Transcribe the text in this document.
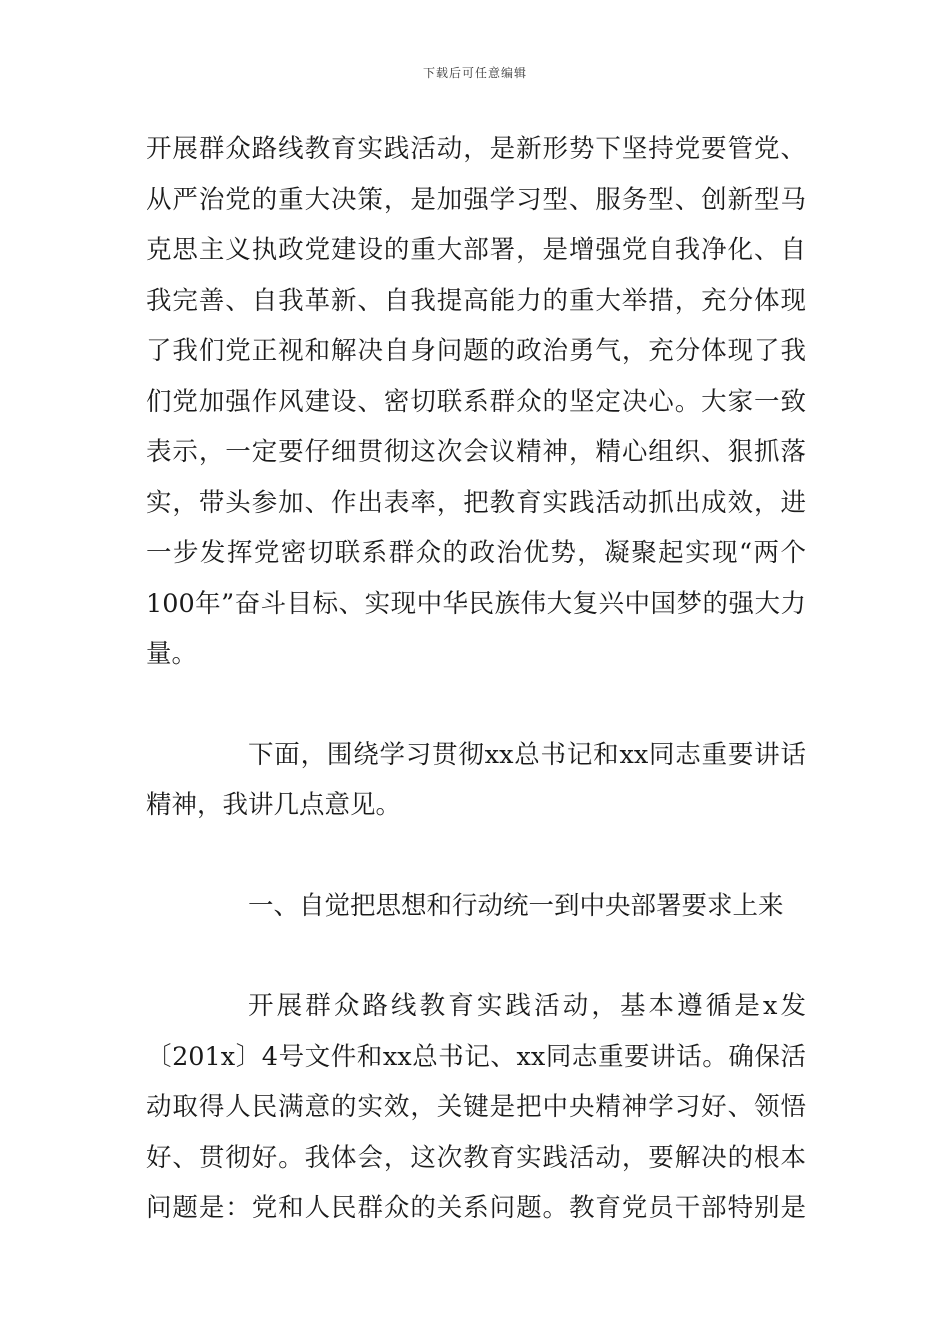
下载后可任意编辑
开展群众路线教育实践活动，是新形势下坚持党要管党、
从严治党的重大决策，是加强学习型、服务型、创新型马
克思主义执政党建设的重大部署，是增强党自我净化、自
我完善、自我革新、自我提高能力的重大举措，充分体现
了我们党正视和解决自身问题的政治勇气，充分体现了我
们党加强作风建设、密切联系群众的坚定决心。大家一致
表示，一定要仔细贯彻这次会议精神，精心组织、狠抓落
实，带头参加、作出表率，把教育实践活动抓出成效，进
一步发挥党密切联系群众的政治优势，凝聚起实现“两个
100年”奋斗目标、实现中华民族伟大复兴中国梦的强大力
量。
下面，围绕学习贯彻xx总书记和xx同志重要讲话
精神，我讲几点意见。
一、自觉把思想和行动统一到中央部署要求上来
开展群众路线教育实践活动，基本遵循是x发
〔201x〕4号文件和xx总书记、xx同志重要讲话。确保活
动取得人民满意的实效，关键是把中央精神学习好、领悟
好、贯彻好。我体会，这次教育实践活动，要解决的根本
问题是：党和人民群众的关系问题。教育党员干部特别是
